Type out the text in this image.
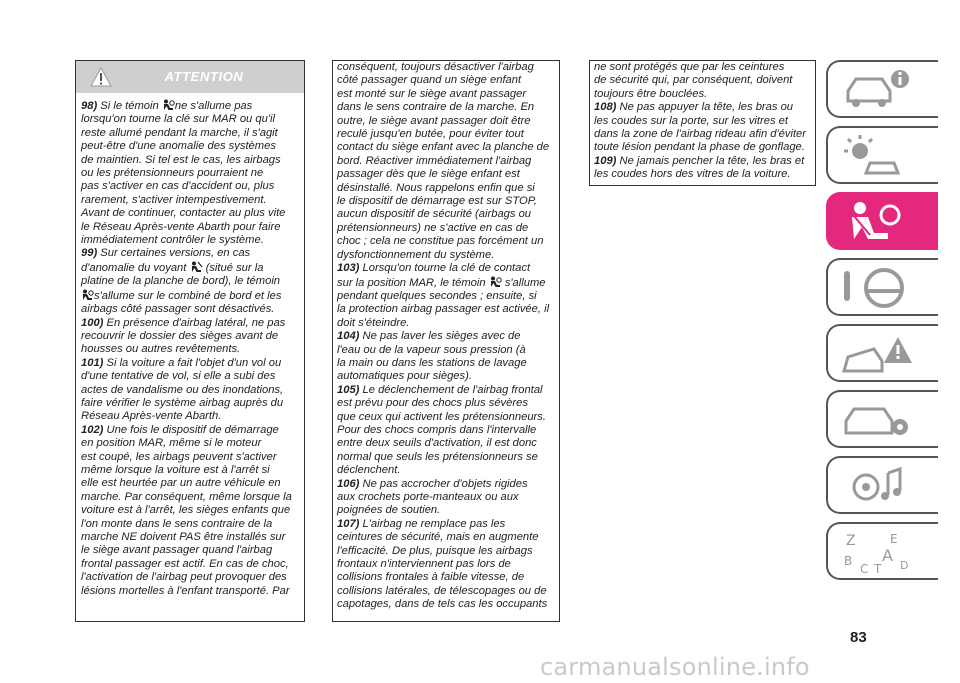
ATTENTION

98) Si le témoin ne s'allume pas
lorsqu'on tourne la clé sur MAR ou qu'il
reste allumé pendant la marche, il s'agit
peut-être d'une anomalie des systèmes
de maintien. Si tel est le cas, les airbags
ou les prétensionneurs pourraient ne
pas s'activer en cas d'accident ou, plus
rarement, s'activer intempestivement.
Avant de continuer, contacter au plus vite
le Réseau Après-vente Abarth pour faire
immédiatement contrôler le système.

99) Sur certaines versions, en cas
d'anomalie du voyant  (situé sur la
platine de la planche de bord), le témoin
s'allume sur le combiné de bord et les
airbags côté passager sont désactivés.

100) En présence d'airbag latéral, ne pas
recouvrir le dossier des sièges avant de
housses ou autres revêtements.

101) Si la voiture a fait l'objet d'un vol ou
d'une tentative de vol, si elle a subi des
actes de vandalisme ou des inondations,
faire vérifier le système airbag auprès du
Réseau Après-vente Abarth.

102) Une fois le dispositif de démarrage
en position MAR, même si le moteur
est coupé, les airbags peuvent s'activer
même lorsque la voiture est à l'arrêt si
elle est heurtée par un autre véhicule en
marche. Par conséquent, même lorsque la
voiture est à l'arrêt, les sièges enfants que
l'on monte dans le sens contraire de la
marche NE doivent PAS être installés sur
le siège avant passager quand l'airbag
frontal passager est actif. En cas de choc,
l'activation de l'airbag peut provoquer des
lésions mortelles à l'enfant transporté. Par

conséquent, toujours désactiver l'airbag
côté passager quand un siège enfant
est monté sur le siège avant passager
dans le sens contraire de la marche. En
outre, le siège avant passager doit être
reculé jusqu'en butée, pour éviter tout
contact du siège enfant avec la planche de
bord. Réactiver immédiatement l'airbag
passager dès que le siège enfant est
désinstallé. Nous rappelons enfin que si
le dispositif de démarrage est sur STOP,
aucun dispositif de sécurité (airbags ou
prétensionneurs) ne s'active en cas de
choc ; cela ne constitue pas forcément un
dysfonctionnement du système.

103) Lorsqu'on tourne la clé de contact
sur la position MAR, le témoin  s'allume
pendant quelques secondes ; ensuite, si
la protection airbag passager est activée, il
doit s'éteindre.

104) Ne pas laver les sièges avec de
l'eau ou de la vapeur sous pression (à
la main ou dans les stations de lavage
automatiques pour sièges).

105) Le déclenchement de l'airbag frontal
est prévu pour des chocs plus sévères
que ceux qui activent les prétensionneurs.
Pour des chocs compris dans l'intervalle
entre deux seuils d'activation, il est donc
normal que seuls les prétensionneurs se
déclenchent.

106) Ne pas accrocher d'objets rigides
aux crochets porte-manteaux ou aux
poignées de soutien.

107) L'airbag ne remplace pas les
ceintures de sécurité, mais en augmente
l'efficacité. De plus, puisque les airbags
frontaux n'interviennent pas lors de
collisions frontales à faible vitesse, de
collisions latérales, de télescopages ou de
capotages, dans de tels cas les occupants

ne sont protégés que par les ceintures
de sécurité qui, par conséquent, doivent
toujours être bouclées.

108) Ne pas appuyer la tête, les bras ou
les coudes sur la porte, sur les vitres et
dans la zone de l'airbag rideau afin d'éviter
toute lésion pendant la phase de gonflage.

109) Ne jamais pencher la tête, les bras et
les coudes hors des vitres de la voiture.

Z	E
B A
C	D
T
83
carmanualsonline.info
